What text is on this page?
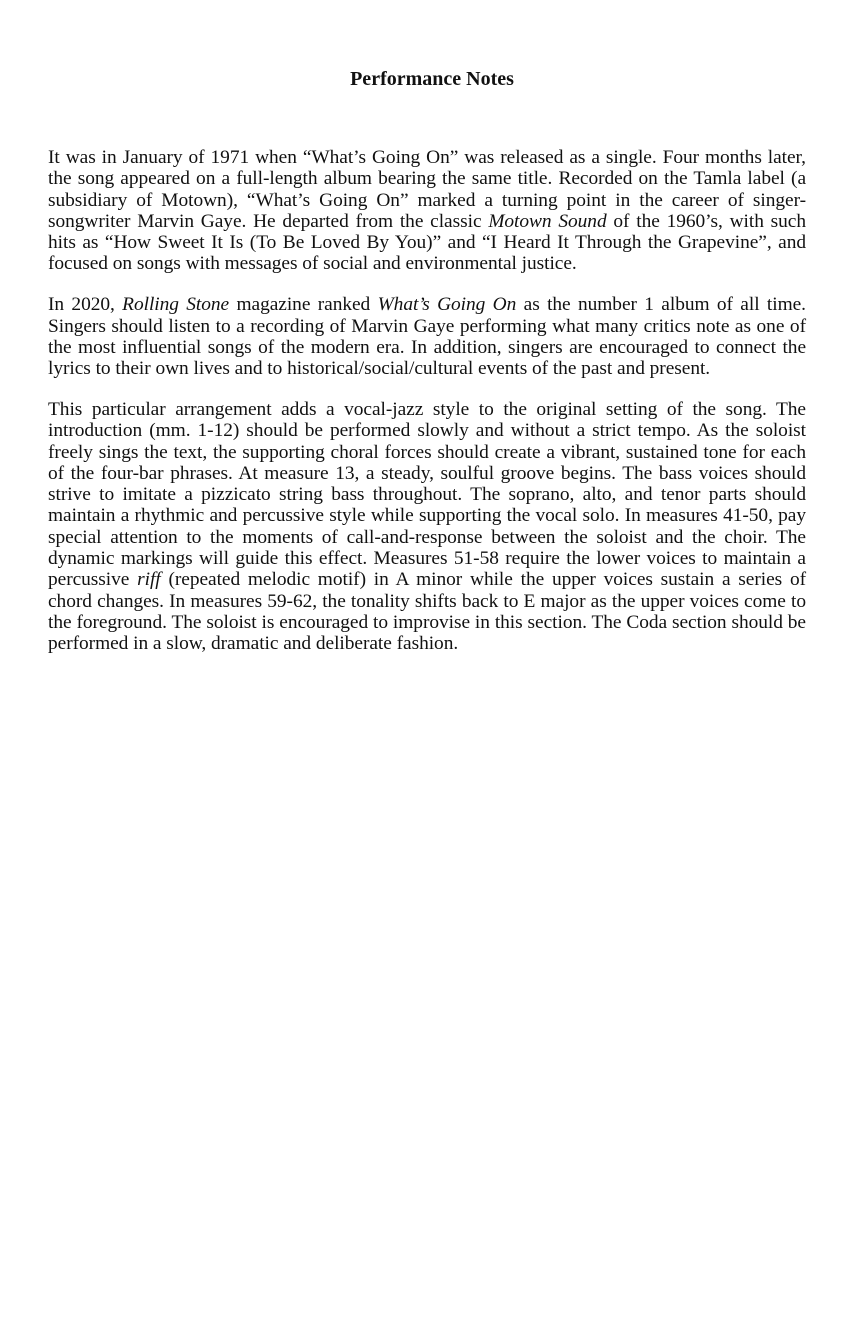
Performance Notes

It was in January of 1971 when “What’s Going On” was released as a single. Four months later, the song appeared on a full-length album bearing the same title. Recorded on the Tamla label (a subsidiary of Motown), “What’s Going On” marked a turning point in the career of singer-songwriter Marvin Gaye. He departed from the classic Motown Sound of the 1960’s, with such hits as “How Sweet It Is (To Be Loved By You)” and “I Heard It Through the Grapevine”, and focused on songs with messages of social and environmental justice.

In 2020, Rolling Stone magazine ranked What’s Going On as the number 1 album of all time. Singers should listen to a recording of Marvin Gaye performing what many critics note as one of the most influential songs of the modern era. In addition, singers are encouraged to connect the lyrics to their own lives and to historical/social/cultural events of the past and present.

This particular arrangement adds a vocal-jazz style to the original setting of the song. The introduction (mm. 1-12) should be performed slowly and without a strict tempo. As the soloist freely sings the text, the supporting choral forces should create a vibrant, sustained tone for each of the four-bar phrases. At measure 13, a steady, soulful groove begins. The bass voices should strive to imitate a pizzicato string bass throughout. The soprano, alto, and tenor parts should maintain a rhythmic and percussive style while supporting the vocal solo. In measures 41-50, pay special attention to the moments of call-and-response between the soloist and the choir. The dynamic markings will guide this effect. Measures 51-58 require the lower voices to maintain a percussive riff (repeated melodic motif) in A minor while the upper voices sustain a series of chord changes. In measures 59-62, the tonality shifts back to E major as the upper voices come to the foreground. The soloist is encouraged to improvise in this section. The Coda section should be performed in a slow, dramatic and deliberate fashion.
